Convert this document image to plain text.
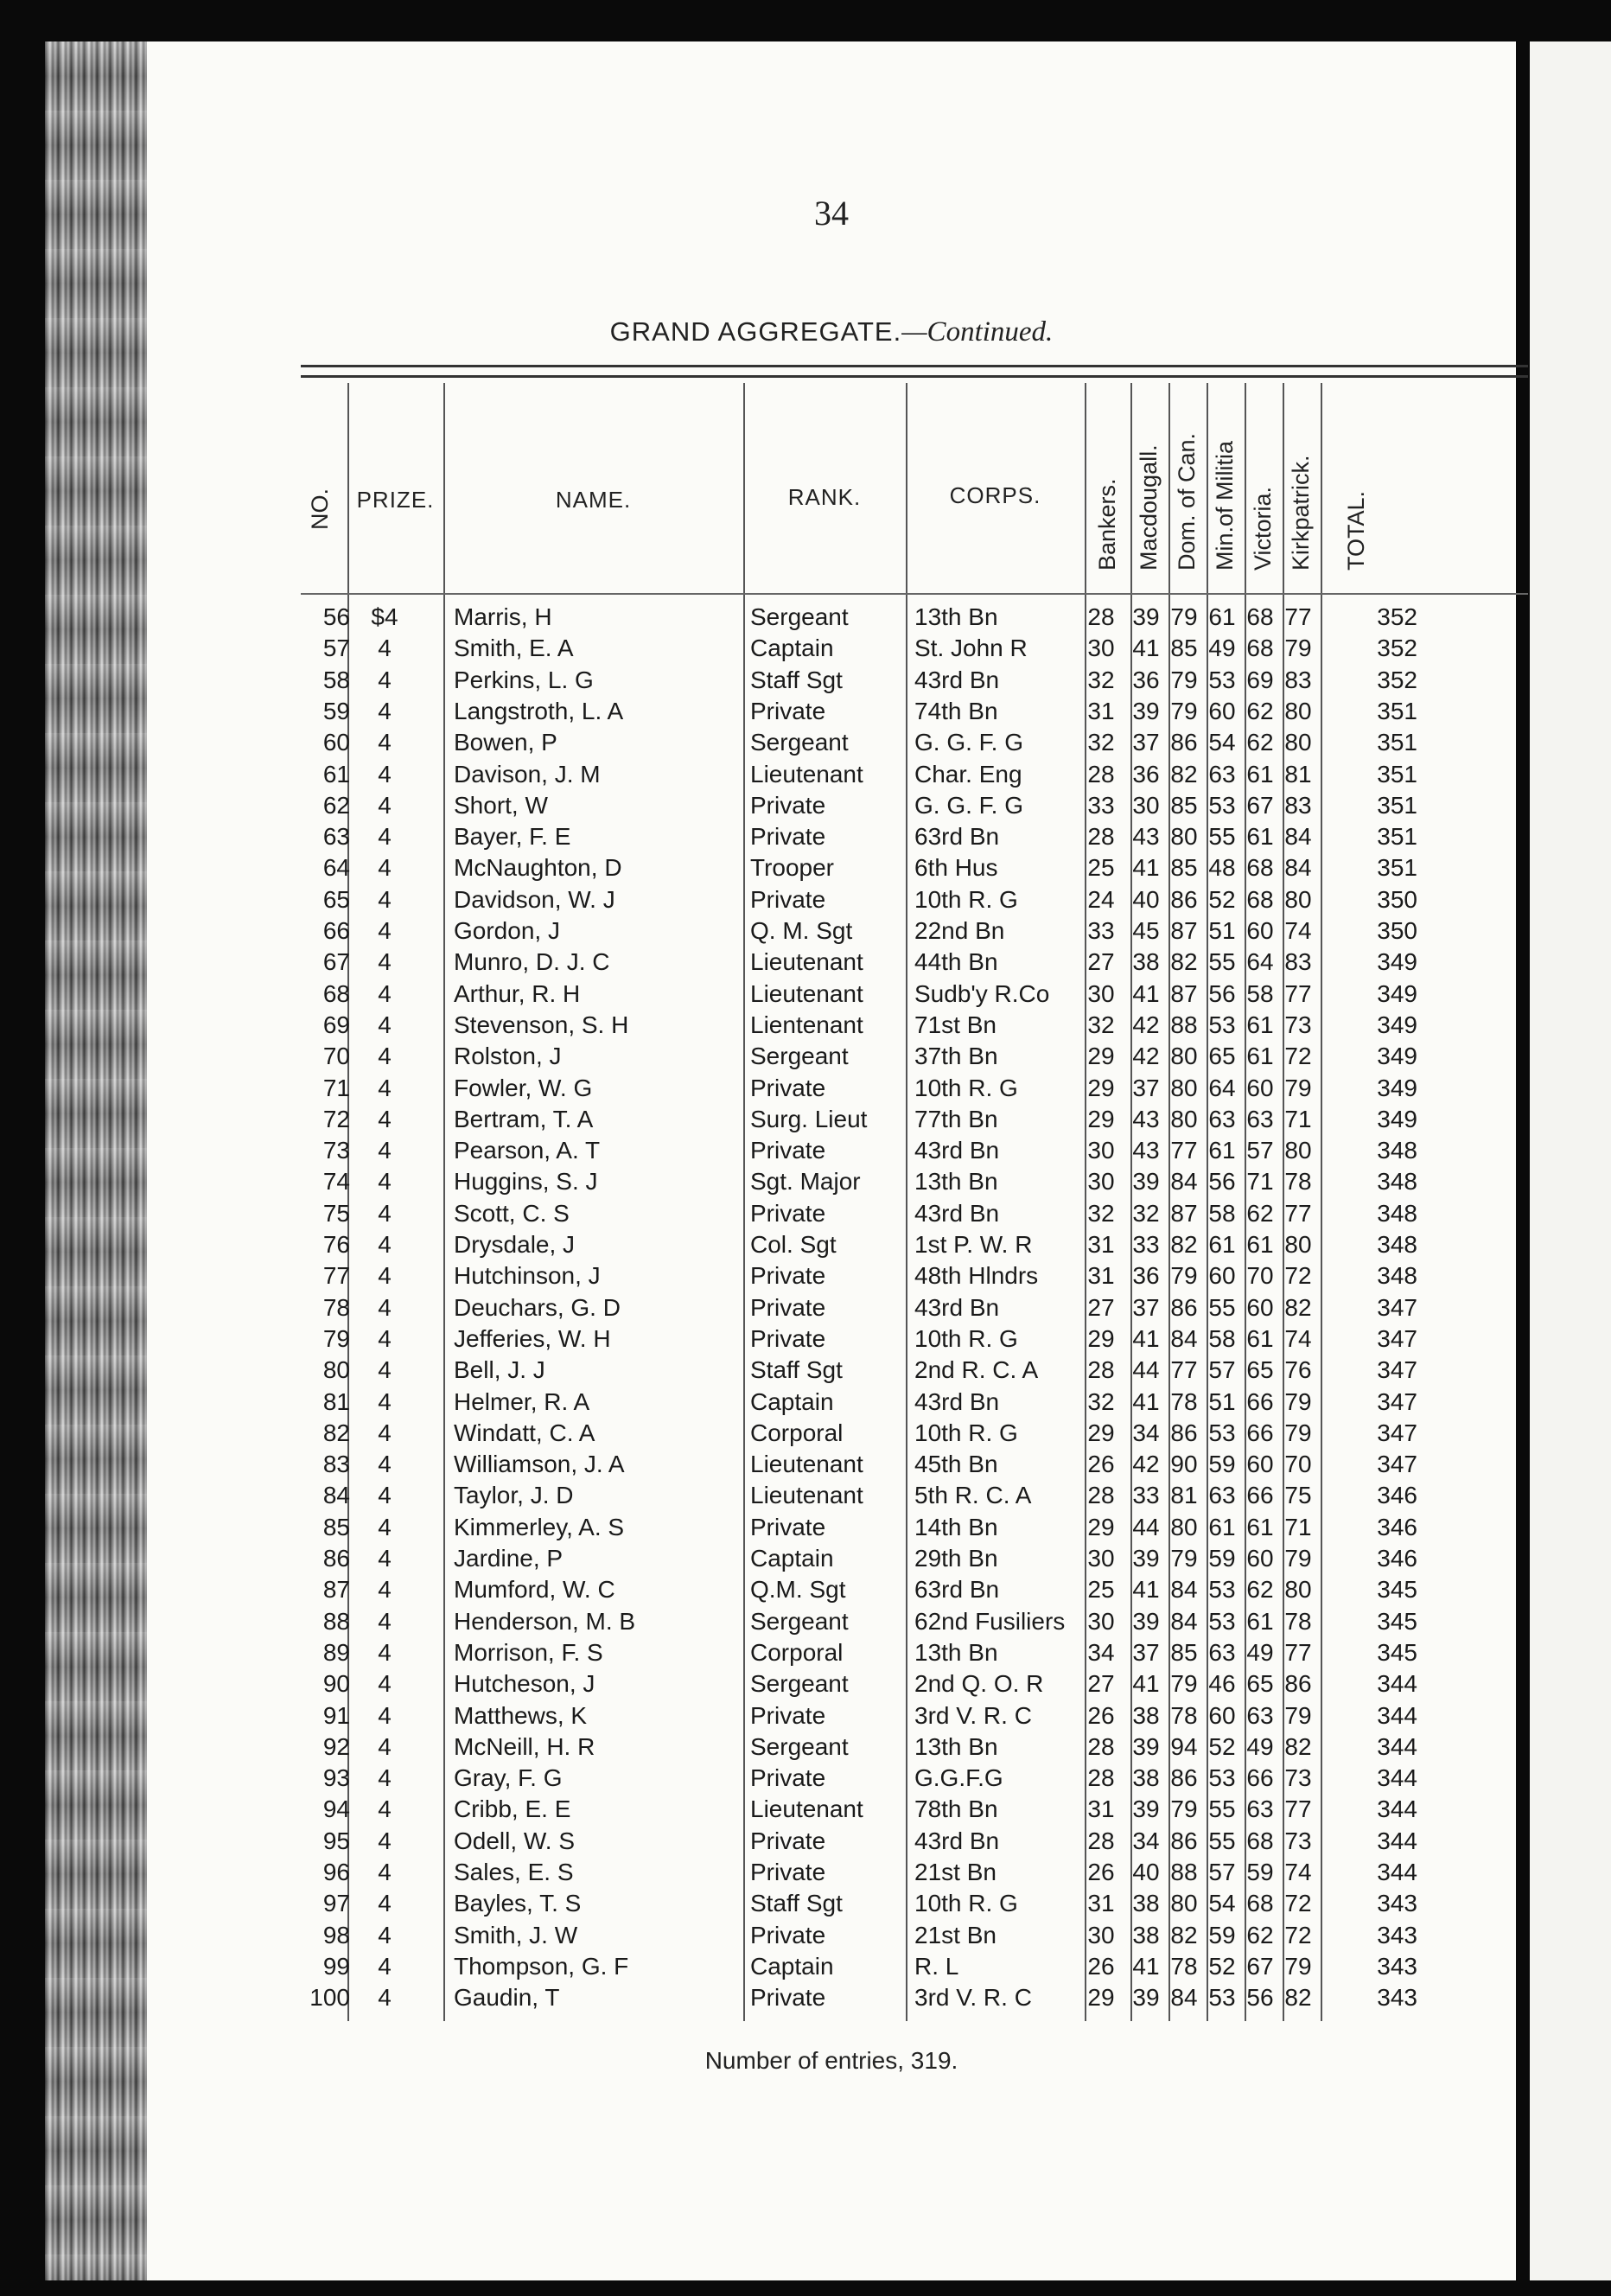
34
GRAND AGGREGATE.—Continued.
NO.	PRIZE.	NAME.	RANK.	CORPS.	Bankers. Macdougall. Dom. of Can. Min.of Militia Victoria. Kirkpatrick. TOTAL.
56 $4 Marris, H	Sergeant	13th Bn	28 39 79 61 68 77	352
57	4	Smith, E. A	Captain	St. John R	30 41 85 49 68 79	352
58	4	Perkins, L. G	Staff Sgt	43rd Bn	32 36 79 53 69 83	352
59	4	Langstroth, L. A	Private	74th Bn	31 39 79 60 62 80	351
60	4	Bowen, P	Sergeant	G. G. F. G	32 37 86 54 62 80	351
61	4	Davison, J. M	Lieutenant	Char. Eng	28 36 82 63 61 81	351
62	4	Short, W	Private	G. G. F. G	33 30 85 53 67 83	351
63	4	Bayer, F. E	Private	63rd Bn	28 43 80 55 61 84	351
64	4	McNaughton, D	Trooper	6th Hus	25 41 85 48 68 84	351
65	4	Davidson, W. J	Private	10th R. G	24 40 86 52 68 80	350
66	4	Gordon, J	Q. M. Sgt	22nd Bn	33 45 87 51 60 74	350
67	4	Munro, D. J. C	Lieutenant	44th Bn	27 38 82 55 64 83	349
68	4	Arthur, R. H	Lieutenant	Sudb'y R.Co	30 41 87 56 58 77	349
69	4	Stevenson, S. H	Lientenant	71st Bn	32 42 88 53 61 73	349
70	4	Rolston, J	Sergeant	37th Bn	29 42 80 65 61 72	349
71	4	Fowler, W. G	Private	10th R. G	29 37 80 64 60 79	349
72	4	Bertram, T. A	Surg. Lieut	77th Bn	29 43 80 63 63 71	349
73	4	Pearson, A. T	Private	43rd Bn	30 43 77 61 57 80	348
74	4	Huggins, S. J	Sgt. Major	13th Bn	30 39 84 56 71 78	348
75	4	Scott, C. S	Private	43rd Bn	32 32 87 58 62 77	348
76	4	Drysdale, J	Col. Sgt	1st P. W. R	31 33 82 61 61 80	348
77	4	Hutchinson, J	Private	48th Hlndrs	31 36 79 60 70 72	348
78	4	Deuchars, G. D	Private	43rd Bn	27 37 86 55 60 82	347
79	4	Jefferies, W. H	Private	10th R. G	29 41 84 58 61 74	347
80	4	Bell, J. J	Staff Sgt	2nd R. C. A	28 44 77 57 65 76	347
81	4	Helmer, R. A	Captain	43rd Bn	32 41 78 51 66 79	347
82	4	Windatt, C. A	Corporal	10th R. G	29 34 86 53 66 79	347
83	4	Williamson, J. A	Lieutenant	45th Bn	26 42 90 59 60 70	347
84	4	Taylor, J. D	Lieutenant	5th R. C. A	28 33 81 63 66 75	346
85	4	Kimmerley, A. S	Private	14th Bn	29 44 80 61 61 71	346
86	4	Jardine, P	Captain	29th Bn	30 39 79 59 60 79	346
87	4	Mumford, W. C	Q.M. Sgt	63rd Bn	25 41 84 53 62 80	345
88	4	Henderson, M. B	Sergeant	62nd Fusiliers 30 39 84 53 61 78	345
89	4	Morrison, F. S	Corporal	13th Bn	34 37 85 63 49 77	345
90	4	Hutcheson, J	Sergeant	2nd Q. O. R	27 41 79 46 65 86	344
91	4	Matthews, K	Private	3rd V. R. C	26 38 78 60 63 79	344
92	4	McNeill, H. R	Sergeant	13th Bn	28 39 94 52 49 82	344
93	4	Gray, F. G	Private	G.G.F.G	28 38 86 53 66 73	344
94	4	Cribb, E. E	Lieutenant	78th Bn	31 39 79 55 63 77	344
95	4	Odell, W. S	Private	43rd Bn	28 34 86 55 68 73	344
96	4	Sales, E. S	Private	21st Bn	26 40 88 57 59 74	344
97	4	Bayles, T. S	Staff Sgt	10th R. G	31 38 80 54 68 72	343
98	4	Smith, J. W	Private	21st Bn	30 38 82 59 62 72	343
99	4	Thompson, G. F	Captain	R. L	26 41 78 52 67 79	343
100	4	Gaudin, T	Private	3rd V. R. C	29 39 84 53 56 82	343
Number of entries, 319.
